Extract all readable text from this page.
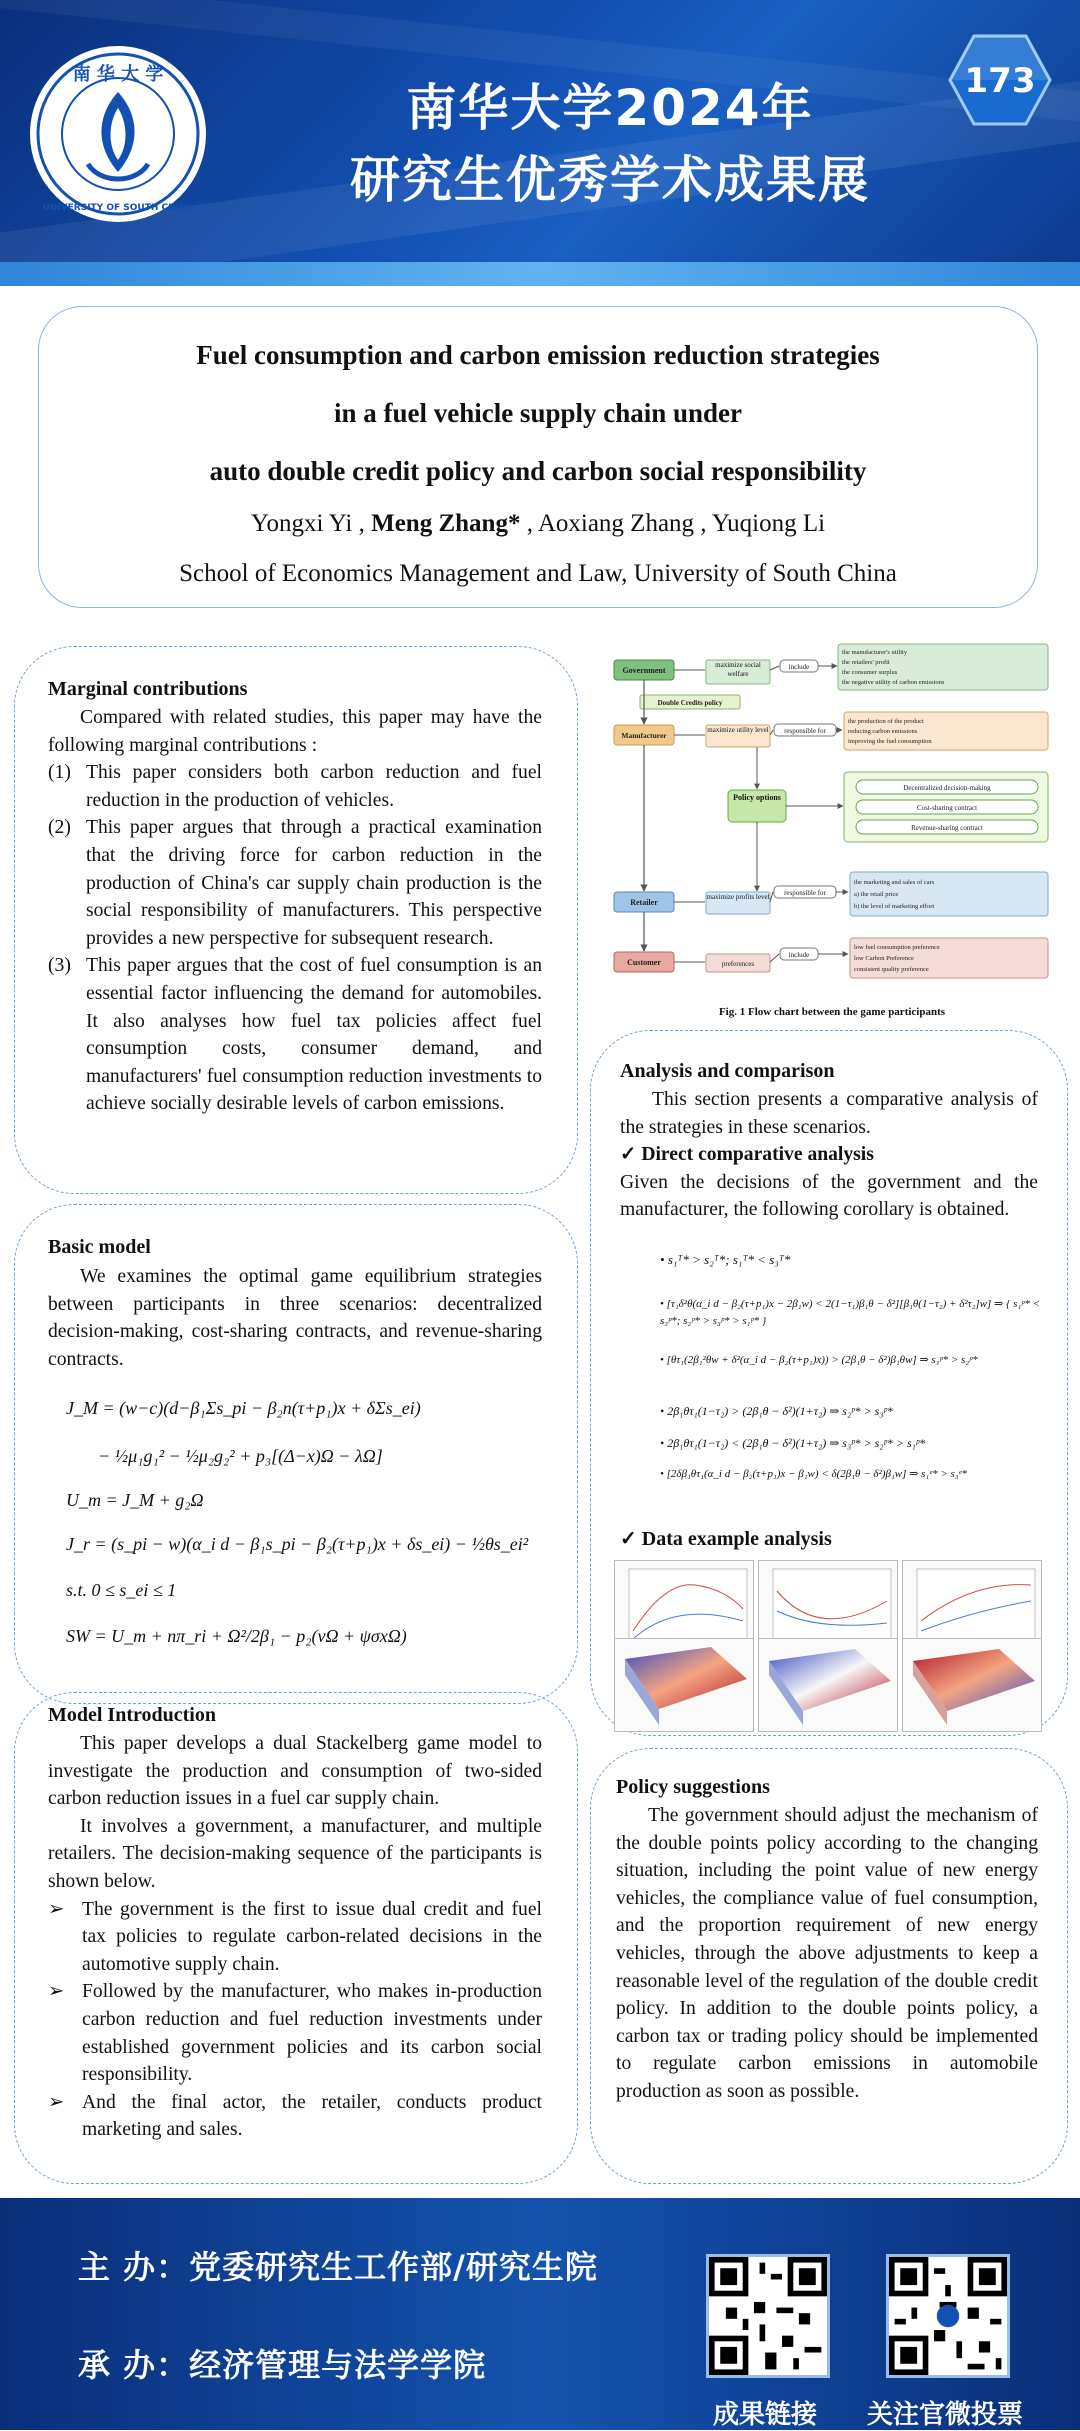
南 华 大 学
UNIVERSITY OF SOUTH CHINA
南华大学2024年
研究生优秀学术成果展
173
Fuel consumption and carbon emission reduction strategies
in a fuel vehicle supply chain under
auto double credit policy and carbon social responsibility
Yongxi Yi , Meng Zhang* , Aoxiang Zhang , Yuqiong Li
School of Economics Management and Law, University of South China
Marginal contributions

Compared with related studies, this paper may have the following marginal contributions :

(1) This paper considers both carbon reduction and fuel reduction in the production of vehicles.
(2) This paper argues that through a practical examination that the driving force for carbon reduction in the production of China's car supply chain production is the social responsibility of manufacturers. This perspective provides a new perspective for subsequent research.
(3) This paper argues that the cost of fuel consumption is an essential factor influencing the demand for automobiles. It also analyses how fuel tax policies affect fuel consumption costs, consumer demand, and manufacturers' fuel consumption reduction investments to achieve socially desirable levels of carbon emissions.
Basic model

We examines the optimal game equilibrium strategies between participants in three scenarios: decentralized decision-making, cost-sharing contracts, and revenue-sharing contracts.

J_M = (w−c)(d−β₁Σs_pi − β₂n(τ+p₁)x + δΣs_ei)
− ½μ₁g₁² − ½μ₂g₂² + p₃[(Δ−x)Ω − λΩ]
U_m = J_M + g₂Ω
J_r = (s_pi − w)(α_i d − β₁s_pi − β₂(τ+p₁)x + δs_ei) − ½θs_ei²
s.t. 0 ≤ s_ei ≤ 1
SW = U_m + nπ_ri + Ω²/2β₁ − p₂(vΩ + ψσxΩ)
Model Introduction

This paper develops a dual Stackelberg game model to investigate the production and consumption of two-sided carbon reduction issues in a fuel car supply chain.

It involves a government, a manufacturer, and multiple retailers. The decision-making sequence of the participants is shown below.

➢ The government is the first to issue dual credit and fuel tax policies to regulate carbon-related decisions in the automotive supply chain.
➢ Followed by the manufacturer, who makes in-production carbon reduction and fuel reduction investments under established government policies and its carbon social responsibility.
➢ And the final actor, the retailer, conducts product marketing and sales.
Government
Double Credits policy
Manufacturer
Retailer
Customer
maximize social welfare
maximize utility level
maximize profits level
preferences
include
responsible for
responsible for
include
the manufacturer's utility the retailers' profit the consumer surplus the negative utility of carbon emissions
the production of the product reducing carbon emissions improving the fuel consumption
Policy options
Decentralized decision-making
Cost-sharing contract
Revenue-sharing contract
the marketing and sales of cars a) the retail price b) the level of marketing effort
low fuel consumption preference low Carbon Preference consistent quality preference
Fig. 1 Flow chart between the game participants
Analysis and comparison

This section presents a comparative analysis of the strategies in these scenarios.

✓ Direct comparative analysis

Given the decisions of the government and the manufacturer, the following corollary is obtained.

• s₁ᵀ* > s₂ᵀ*; s₁ᵀ* < s₃ᵀ*
• [τ₁δ²θ(α_i d − β₂(τ+p₁)x − 2β₁w) < 2(1−τ₁)β₁θ − δ²][β₁θ(1−τ₂) + δ²τ₂]w] ⇒ { s₁ᵖ* < s₃ᵖ*; s₂ᵖ* > s₃ᵖ* > s₁ᵖ* }
• [θτ₁(2β₁²θw + δ²(α_i d − β₂(τ+p₁)x)) > (2β₁θ − δ²)β₁θw] ⇒ s₁ᵖ* > s₂ᵖ*
• 2β₁θτ₁(1−τ₂) > (2β₁θ − δ²)(1+τ₂) ⇒ s₂ᵖ* > s₃ᵖ*
• 2β₁θτ₁(1−τ₂) < (2β₁θ − δ²)(1+τ₂) ⇒ s₃ᵖ* > s₂ᵖ* > s₁ᵖ*
• [2δβ₁θτ₁(α_i d − β₂(τ+p₁)x − β₁w) < δ(2β₁θ − δ²)β₁w] ⇒ s₁ᵉ* > s₃ᵉ*
✓ Data example analysis
Policy suggestions

The government should adjust the mechanism of the double points policy according to the changing situation, including the point value of new energy vehicles, the compliance value of fuel consumption, and the proportion requirement of new energy vehicles, through the above adjustments to keep a reasonable level of the regulation of the double credit policy. In addition to the double points policy, a carbon tax or trading policy should be implemented to regulate carbon emissions in automobile production as soon as possible.

主 办：党委研究生工作部/研究生院
承 办：经济管理与法学学院
成果链接	关注官微投票
